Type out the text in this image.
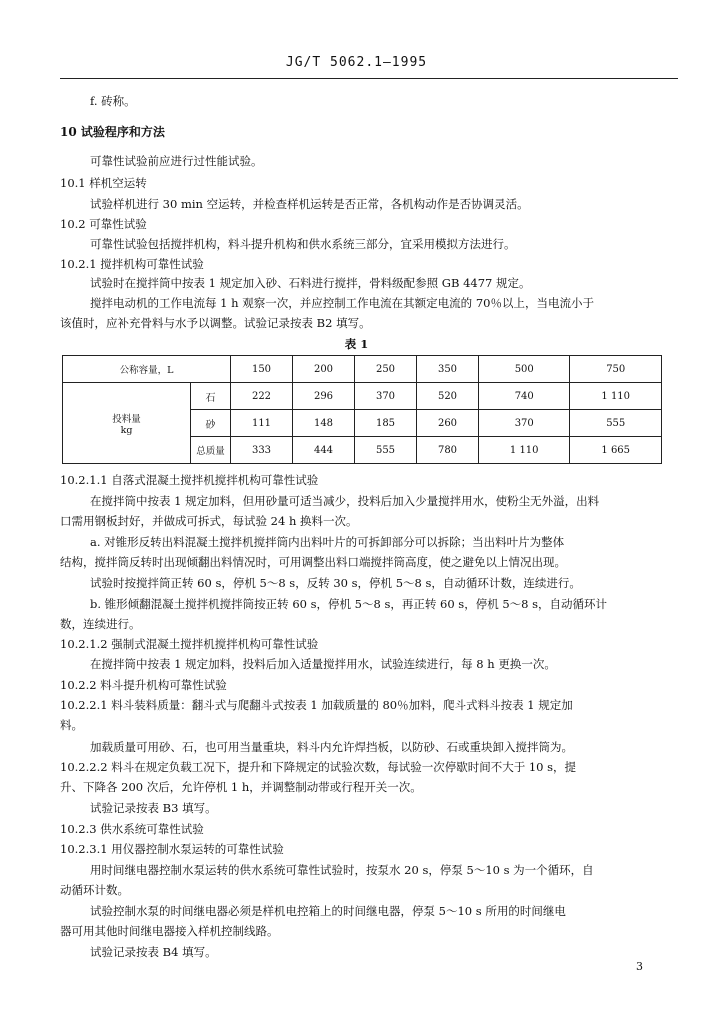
JG/T 5062.1—1995
f. 砖称。
10 试验程序和方法
可靠性试验前应进行过性能试验。
10.1 样机空运转
试验样机进行 30 min 空运转，并检查样机运转是否正常，各机构动作是否协调灵活。
10.2 可靠性试验
可靠性试验包括搅拌机构，料斗提升机构和供水系统三部分，宜采用模拟方法进行。
10.2.1 搅拌机构可靠性试验
试验时在搅拌筒中按表 1 规定加入砂、石料进行搅拌，骨料级配参照 GB 4477 规定。
搅拌电动机的工作电流每 1 h 观察一次，并应控制工作电流在其额定电流的 70％以上，当电流小于
该值时，应补充骨料与水予以调整。试验记录按表 B2 填写。
表 1
公称容量，L		150	200	250	350	500	750

投料量
kg	石	222	296	370	520	740	1 110
	砂	111	148	185	260	370	555
	总质量	333	444	555	780	1 110	1 665
10.2.1.1 自落式混凝土搅拌机搅拌机构可靠性试验
在搅拌筒中按表 1 规定加料，但用砂量可适当减少，投料后加入少量搅拌用水，使粉尘无外溢，出料
口需用钢板封好，并做成可拆式，每试验 24 h 换料一次。
a. 对锥形反转出料混凝土搅拌机搅拌筒内出料叶片的可拆卸部分可以拆除；当出料叶片为整体
结构，搅拌筒反转时出现倾翻出料情况时，可用调整出料口端搅拌筒高度，使之避免以上情况出现。
试验时按搅拌筒正转 60 s，停机 5～8 s，反转 30 s，停机 5～8 s，自动循环计数，连续进行。
b. 锥形倾翻混凝土搅拌机搅拌筒按正转 60 s，停机 5～8 s，再正转 60 s，停机 5～8 s，自动循环计
数，连续进行。
10.2.1.2 强制式混凝土搅拌机搅拌机构可靠性试验
在搅拌筒中按表 1 规定加料，投料后加入适量搅拌用水，试验连续进行，每 8 h 更换一次。
10.2.2 料斗提升机构可靠性试验
10.2.2.1 料斗装料质量：翻斗式与爬翻斗式按表 1 加载质量的 80％加料，爬斗式料斗按表 1 规定加
料。
加载质量可用砂、石，也可用当量重块，料斗内允许焊挡板，以防砂、石或重块卸入搅拌筒为。
10.2.2.2 料斗在规定负载工况下，提升和下降规定的试验次数，每试验一次停歇时间不大于 10 s，提
升、下降各 200 次后，允许停机 1 h，并调整制动带或行程开关一次。
试验记录按表 B3 填写。
10.2.3 供水系统可靠性试验
10.2.3.1 用仪器控制水泵运转的可靠性试验
用时间继电器控制水泵运转的供水系统可靠性试验时，按泵水 20 s，停泵 5～10 s 为一个循环，自
动循环计数。
试验控制水泵的时间继电器必须是样机电控箱上的时间继电器，停泵 5～10 s 所用的时间继电
器可用其他时间继电器接入样机控制线路。
试验记录按表 B4 填写。
3
